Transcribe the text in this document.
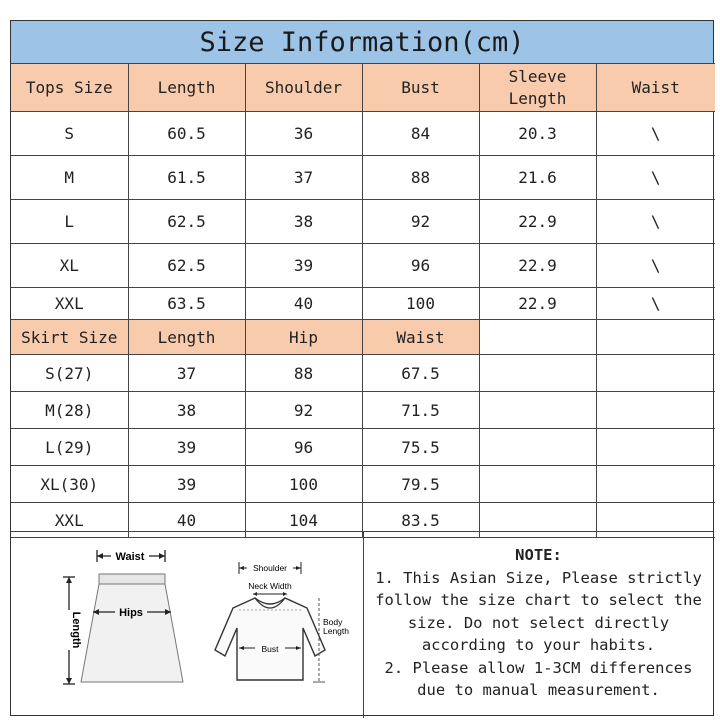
Size Information(cm)
Tops Size	Length	Shoulder	Bust	Sleeve Length	Waist
S	60.5	36	84	20.3	\
M	61.5	37	88	21.6	\
L	62.5	38	92	22.9	\
XL	62.5	39	96	22.9	\
XXL	63.5	40	100	22.9	\
Skirt Size	Length	Hip	Waist		
S(27)	37	88	67.5		
M(28)	38	92	71.5		
L(29)	39	96	75.5		
XL(30)	39	100	79.5		
XXL	40	104	83.5		
Waist
Hips
Length
Shoulder
Neck Width
Bust
Body
Length
NOTE:
1. This Asian Size, Please strictly
follow the size chart to select the
size. Do not select directly
according to your habits.
2. Please allow 1-3CM differences
due to manual measurement.
